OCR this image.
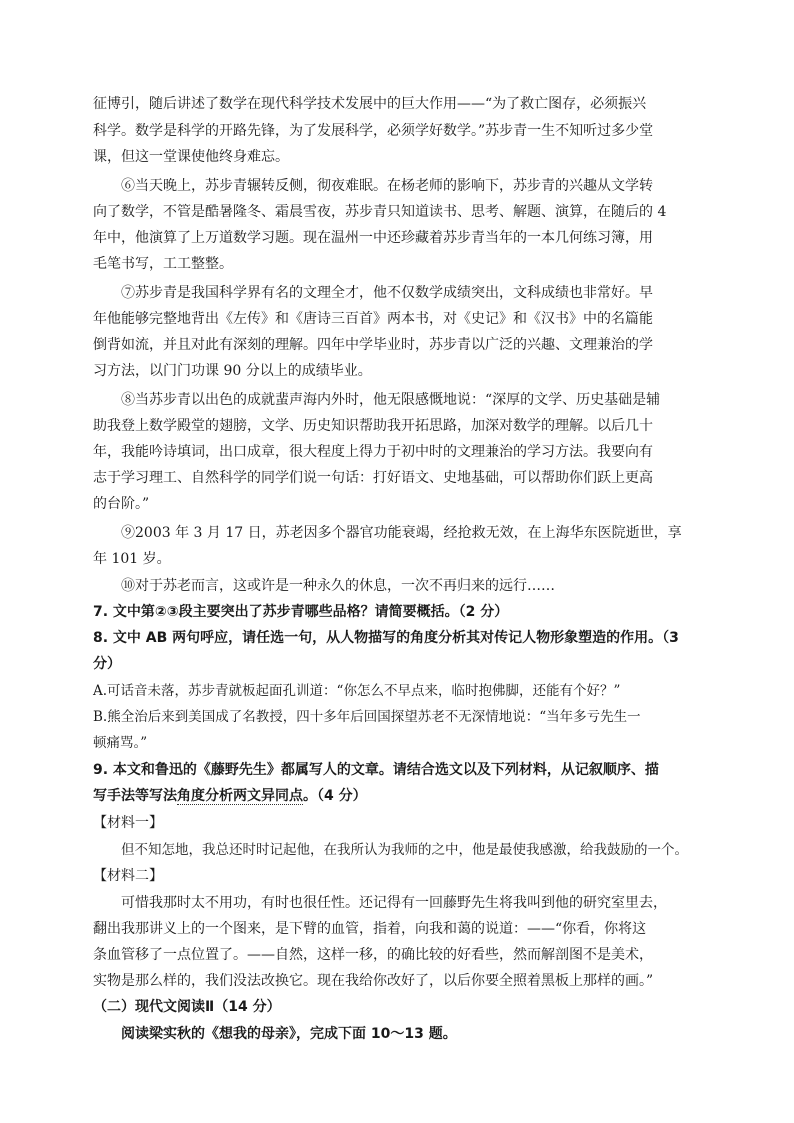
征博引，随后讲述了数学在现代科学技术发展中的巨大作用——“为了救亡图存，必须振兴
科学。数学是科学的开路先锋，为了发展科学，必须学好数学。”苏步青一生不知听过多少堂
课，但这一堂课使他终身难忘。
⑥当天晚上，苏步青辗转反侧，彻夜难眠。在杨老师的影响下，苏步青的兴趣从文学转
向了数学，不管是酷暑隆冬、霜晨雪夜，苏步青只知道读书、思考、解题、演算，在随后的 4
年中，他演算了上万道数学习题。现在温州一中还珍藏着苏步青当年的一本几何练习簿，用
毛笔书写，工工整整。
⑦苏步青是我国科学界有名的文理全才，他不仅数学成绩突出，文科成绩也非常好。早
年他能够完整地背出《左传》和《唐诗三百首》两本书，对《史记》和《汉书》中的名篇能
倒背如流，并且对此有深刻的理解。四年中学毕业时，苏步青以广泛的兴趣、文理兼治的学
习方法，以门门功课 90 分以上的成绩毕业。
⑧当苏步青以出色的成就蜚声海内外时，他无限感慨地说：“深厚的文学、历史基础是辅
助我登上数学殿堂的翅膀，文学、历史知识帮助我开拓思路，加深对数学的理解。以后几十
年，我能吟诗填词，出口成章，很大程度上得力于初中时的文理兼治的学习方法。我要向有
志于学习理工、自然科学的同学们说一句话：打好语文、史地基础，可以帮助你们跃上更高
的台阶。”
⑨2003 年 3 月 17 日，苏老因多个器官功能衰竭，经抢救无效，在上海华东医院逝世，享
年 101 岁。
⑩对于苏老而言，这或许是一种永久的休息，一次不再归来的远行……
7. 文中第②③段主要突出了苏步青哪些品格？请简要概括。（2 分）
8. 文中 AB 两句呼应，请任选一句，从人物描写的角度分析其对传记人物形象塑造的作用。（3
分）
A.可话音未落，苏步青就板起面孔训道：“你怎么不早点来，临时抱佛脚，还能有个好？”
B.熊全治后来到美国成了名教授，四十多年后回国探望苏老不无深情地说：“当年多亏先生一
顿痛骂。”
9. 本文和鲁迅的《藤野先生》都属写人的文章。请结合选文以及下列材料，从记叙顺序、描
写手法等写法角度分析两文异同点。（4 分）
【材料一】
但不知怎地，我总还时时记起他，在我所认为我师的之中，他是最使我感激，给我鼓励的一个。
【材料二】
可惜我那时太不用功，有时也很任性。还记得有一回藤野先生将我叫到他的研究室里去，
翻出我那讲义上的一个图来，是下臂的血管，指着，向我和蔼的说道：——“你看，你将这
条血管移了一点位置了。——自然，这样一移，的确比较的好看些，然而解剖图不是美术，
实物是那么样的，我们没法改换它。现在我给你改好了，以后你要全照着黑板上那样的画。”
（二）现代文阅读Ⅱ（14 分）
阅读梁实秋的《想我的母亲》，完成下面 10～13 题。
